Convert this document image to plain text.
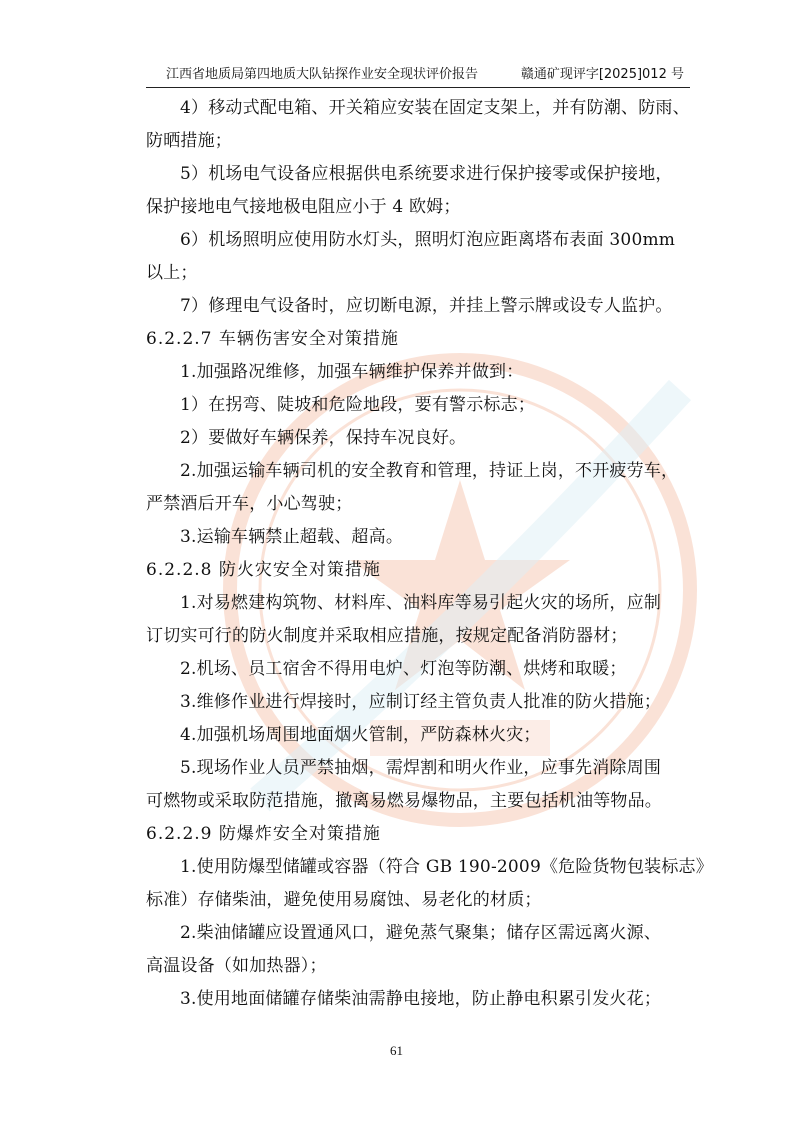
江西省地质局第四地质大队钻探作业安全现状评价报告	赣通矿现评字[2025]012 号
4）移动式配电箱、开关箱应安装在固定支架上，并有防潮、防雨、
防晒措施；
5）机场电气设备应根据供电系统要求进行保护接零或保护接地，
保护接地电气接地极电阻应小于 4 欧姆；
6）机场照明应使用防水灯头，照明灯泡应距离塔布表面 300mm
以上；
7）修理电气设备时，应切断电源，并挂上警示牌或设专人监护。
6.2.2.7 车辆伤害安全对策措施
1.加强路况维修，加强车辆维护保养并做到：
1）在拐弯、陡坡和危险地段，要有警示标志；
2）要做好车辆保养，保持车况良好。
2.加强运输车辆司机的安全教育和管理，持证上岗，不开疲劳车，
严禁酒后开车，小心驾驶；
3.运输车辆禁止超载、超高。
6.2.2.8 防火灾安全对策措施
1.对易燃建构筑物、材料库、油料库等易引起火灾的场所，应制
订切实可行的防火制度并采取相应措施，按规定配备消防器材；
2.机场、员工宿舍不得用电炉、灯泡等防潮、烘烤和取暖；
3.维修作业进行焊接时，应制订经主管负责人批准的防火措施；
4.加强机场周围地面烟火管制，严防森林火灾；
5.现场作业人员严禁抽烟，需焊割和明火作业，应事先消除周围
可燃物或采取防范措施，撤离易燃易爆物品，主要包括机油等物品。
6.2.2.9 防爆炸安全对策措施
1.使用防爆型储罐或容器（符合 GB 190-2009《危险货物包装标志》
标准）存储柴油，避免使用易腐蚀、易老化的材质；
2.柴油储罐应设置通风口，避免蒸气聚集；储存区需远离火源、
高温设备（如加热器）；
3.使用地面储罐存储柴油需静电接地，防止静电积累引发火花；
61
